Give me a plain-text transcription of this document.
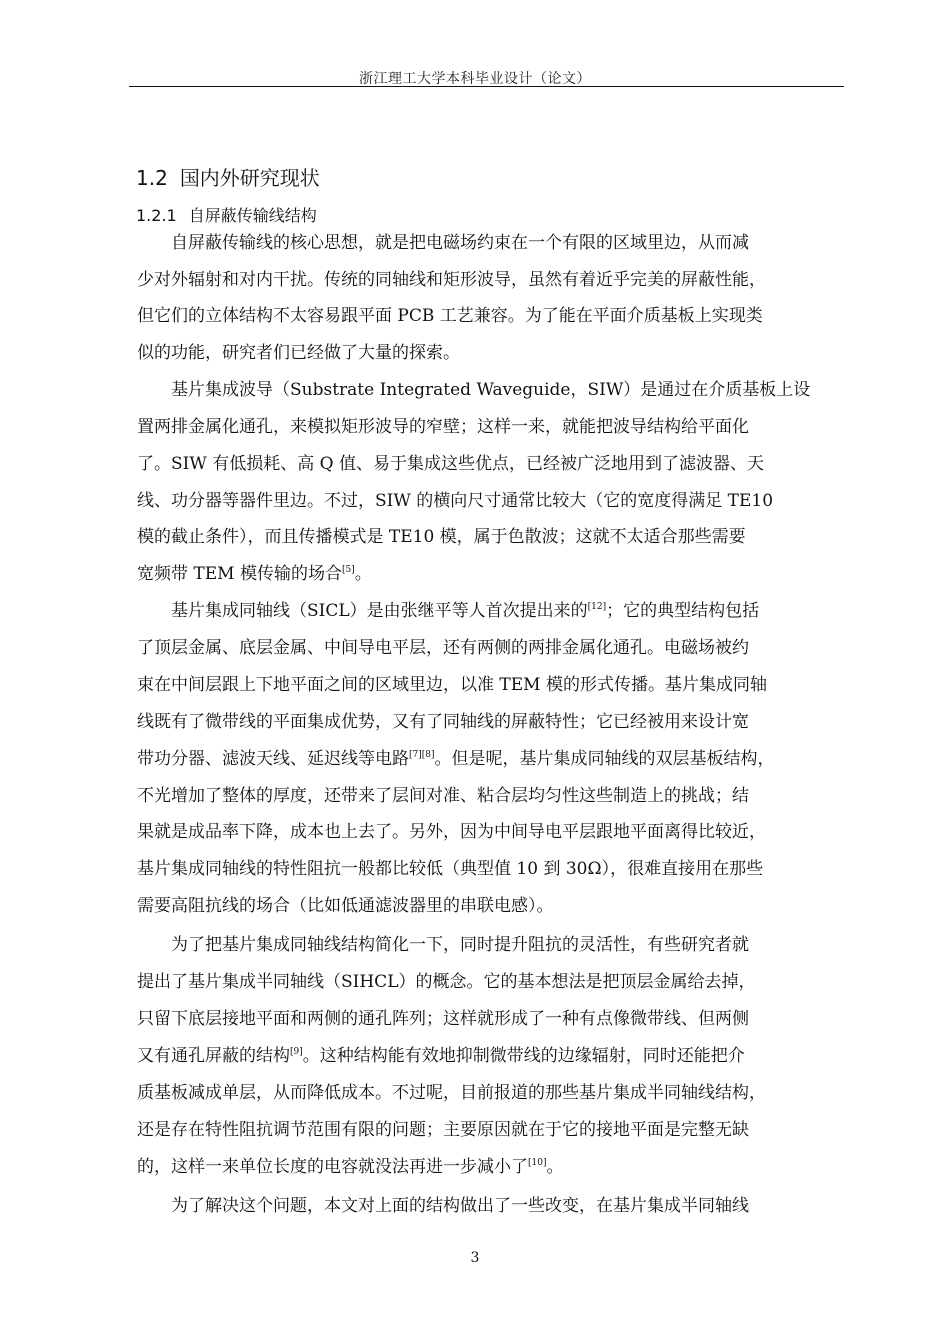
浙江理工大学本科毕业设计（论文）
1.2 国内外研究现状
1.2.1 自屏蔽传输线结构
自屏蔽传输线的核心思想，就是把电磁场约束在一个有限的区域里边，从而减
少对外辐射和对内干扰。传统的同轴线和矩形波导，虽然有着近乎完美的屏蔽性能，
但它们的立体结构不太容易跟平面 PCB 工艺兼容。为了能在平面介质基板上实现类
似的功能，研究者们已经做了大量的探索。
基片集成波导（Substrate Integrated Waveguide，SIW）是通过在介质基板上设
置两排金属化通孔，来模拟矩形波导的窄壁；这样一来，就能把波导结构给平面化
了。SIW 有低损耗、高 Q 值、易于集成这些优点，已经被广泛地用到了滤波器、天
线、功分器等器件里边。不过，SIW 的横向尺寸通常比较大（它的宽度得满足 TE10
模的截止条件），而且传播模式是 TE10 模，属于色散波；这就不太适合那些需要
宽频带 TEM 模传输的场合[5]。
基片集成同轴线（SICL）是由张继平等人首次提出来的[12]；它的典型结构包括
了顶层金属、底层金属、中间导电平层，还有两侧的两排金属化通孔。电磁场被约
束在中间层跟上下地平面之间的区域里边，以准 TEM 模的形式传播。基片集成同轴
线既有了微带线的平面集成优势，又有了同轴线的屏蔽特性；它已经被用来设计宽
带功分器、滤波天线、延迟线等电路[7][8]。但是呢，基片集成同轴线的双层基板结构，
不光增加了整体的厚度，还带来了层间对准、粘合层均匀性这些制造上的挑战；结
果就是成品率下降，成本也上去了。另外，因为中间导电平层跟地平面离得比较近，
基片集成同轴线的特性阻抗一般都比较低（典型值 10 到 30Ω），很难直接用在那些
需要高阻抗线的场合（比如低通滤波器里的串联电感）。
为了把基片集成同轴线结构简化一下，同时提升阻抗的灵活性，有些研究者就
提出了基片集成半同轴线（SIHCL）的概念。它的基本想法是把顶层金属给去掉，
只留下底层接地平面和两侧的通孔阵列；这样就形成了一种有点像微带线、但两侧
又有通孔屏蔽的结构[9]。这种结构能有效地抑制微带线的边缘辐射，同时还能把介
质基板减成单层，从而降低成本。不过呢，目前报道的那些基片集成半同轴线结构，
还是存在特性阻抗调节范围有限的问题；主要原因就在于它的接地平面是完整无缺
的，这样一来单位长度的电容就没法再进一步减小了[10]。
为了解决这个问题，本文对上面的结构做出了一些改变，在基片集成半同轴线
3
